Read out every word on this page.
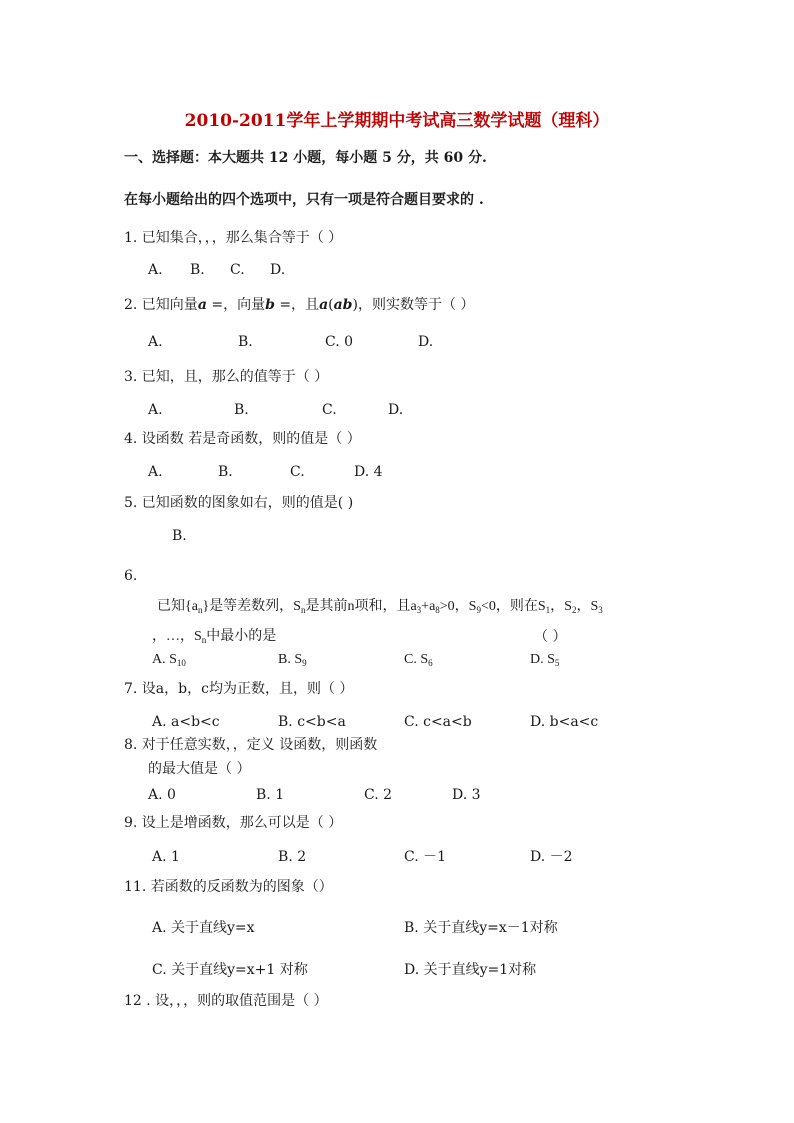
2010-2011学年上学期期中考试高三数学试题（理科）
一、选择题：本大题共 12 小题，每小题 5 分，共 60 分.
在每小题给出的四个选项中，只有一项是符合题目要求的 .
1. 已知集合，，，那么集合等于（ ）
A. B. C. D.
2. 已知向量a =，向量b =，且a(ab)，则实数等于（ ）
A.	B.	C. 0	D.
3. 已知，且，那么的值等于（ ）
A.	B.	C.	D.
4. 设函数 若是奇函数，则的值是（ ）
A.	B.	C.	D. 4
5. 已知函数的图象如右，则的值是( )
B.
6.
已知$\{a_n\}$是等差数列，$S_n$是其前n项和，且$a_3+a_8>0$，$S_9<0$，则在$S_1$，$S_2$，$S_3$
，…，$S_n$中最小的是	（ ）
A. $S_{10}$	B. $S_9$	C. $S_6$	D. $S_5$
7. 设a，b，c均为正数，且，则（ ）
A. a<b<c	B. c<b<a	C. c<a<b	D. b<a<c
8. 对于任意实数，，定义 设函数，则函数
的最大值是（ ）
A. 0	B. 1	C. 2	D. 3
9. 设上是增函数，那么可以是（ ）
A. 1	B. 2	C. －1	D. －2
11. 若函数的反函数为的图象（）
A. 关于直线y=x	B. 关于直线y=x－1对称
C. 关于直线y=x+1 对称	D. 关于直线y=1对称
12 . 设，，，则的取值范围是（ ）
